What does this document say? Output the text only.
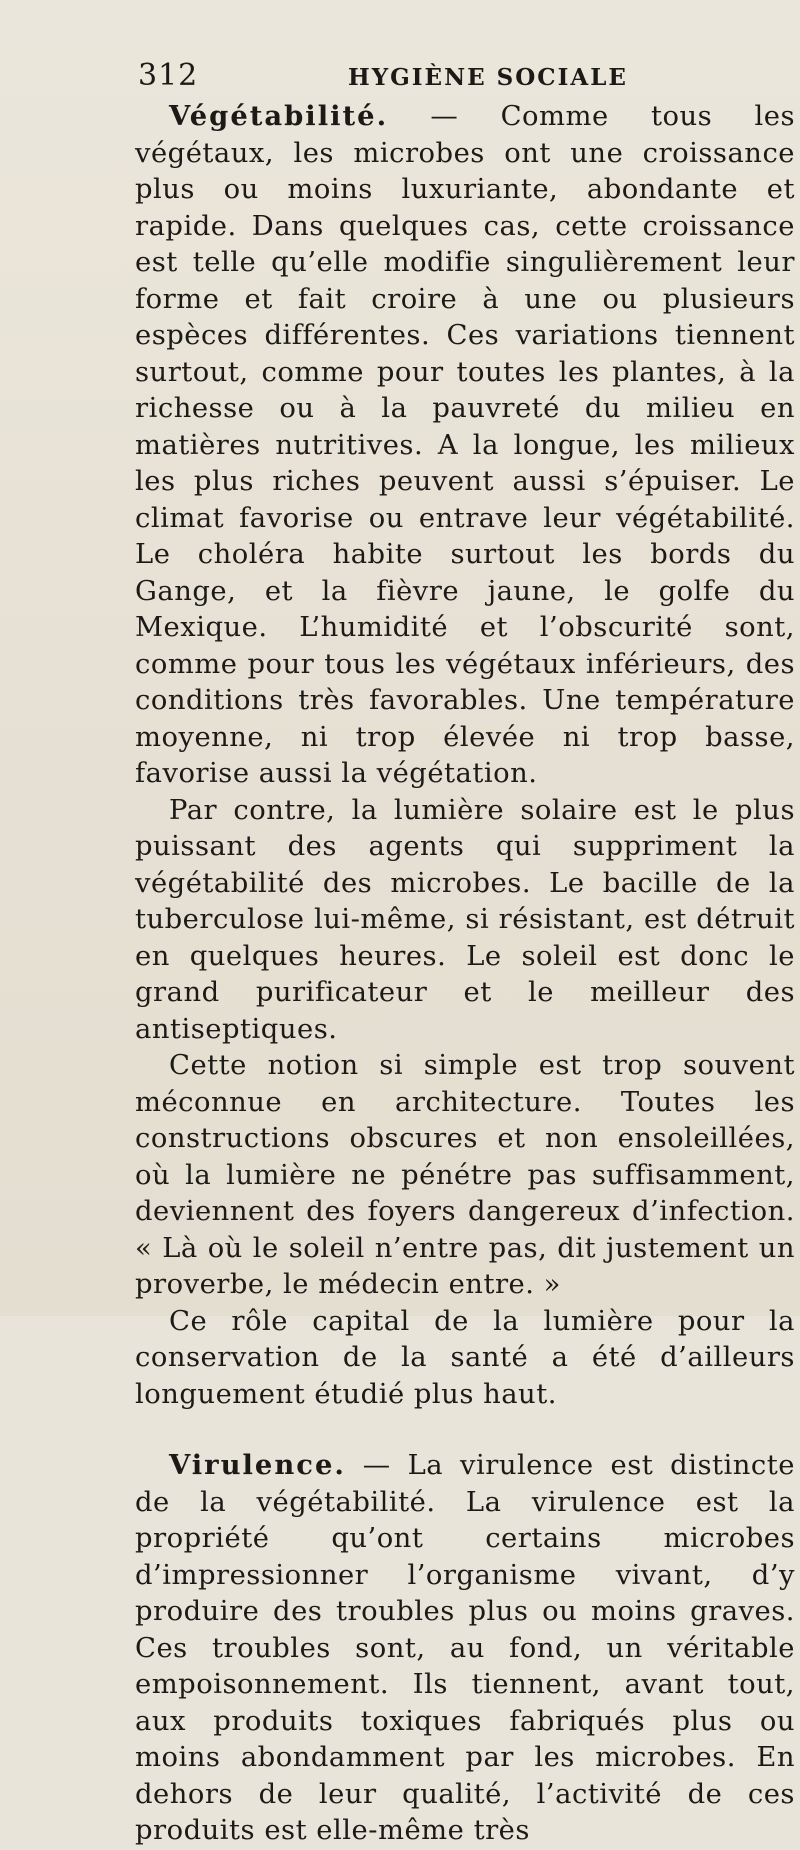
312	HYGIÈNE SOCIALE

Végétabilité. — Comme tous les végétaux, les microbes ont une croissance plus ou moins luxuriante, abondante et rapide. Dans quelques cas, cette croissance est telle qu’elle modifie singulièrement leur forme et fait croire à une ou plusieurs espèces différentes. Ces variations tiennent surtout, comme pour toutes les plantes, à la richesse ou à la pauvreté du milieu en matières nutritives. A la longue, les milieux les plus riches peuvent aussi s’épuiser. Le climat favorise ou entrave leur végétabilité. Le choléra habite surtout les bords du Gange, et la fièvre jaune, le golfe du Mexique. L’humidité et l’obscurité sont, comme pour tous les végétaux inférieurs, des conditions très favorables. Une température moyenne, ni trop élevée ni trop basse, favorise aussi la végétation.

Par contre, la lumière solaire est le plus puissant des agents qui suppriment la végétabilité des microbes. Le bacille de la tuberculose lui-même, si résistant, est détruit en quelques heures. Le soleil est donc le grand purificateur et le meilleur des antiseptiques.

Cette notion si simple est trop souvent méconnue en architecture. Toutes les constructions obscures et non ensoleillées, où la lumière ne pénétre pas suffisamment, deviennent des foyers dangereux d’infection. « Là où le soleil n’entre pas, dit justement un proverbe, le médecin entre. »

Ce rôle capital de la lumière pour la conservation de la santé a été d’ailleurs longuement étudié plus haut.

Virulence. — La virulence est distincte de la végétabilité. La virulence est la propriété qu’ont certains microbes d’impressionner l’organisme vivant, d’y produire des troubles plus ou moins graves. Ces troubles sont, au fond, un véritable empoisonnement. Ils tiennent, avant tout, aux produits toxiques fabriqués plus ou moins abondamment par les microbes. En dehors de leur qualité, l’activité de ces produits est elle-même très
